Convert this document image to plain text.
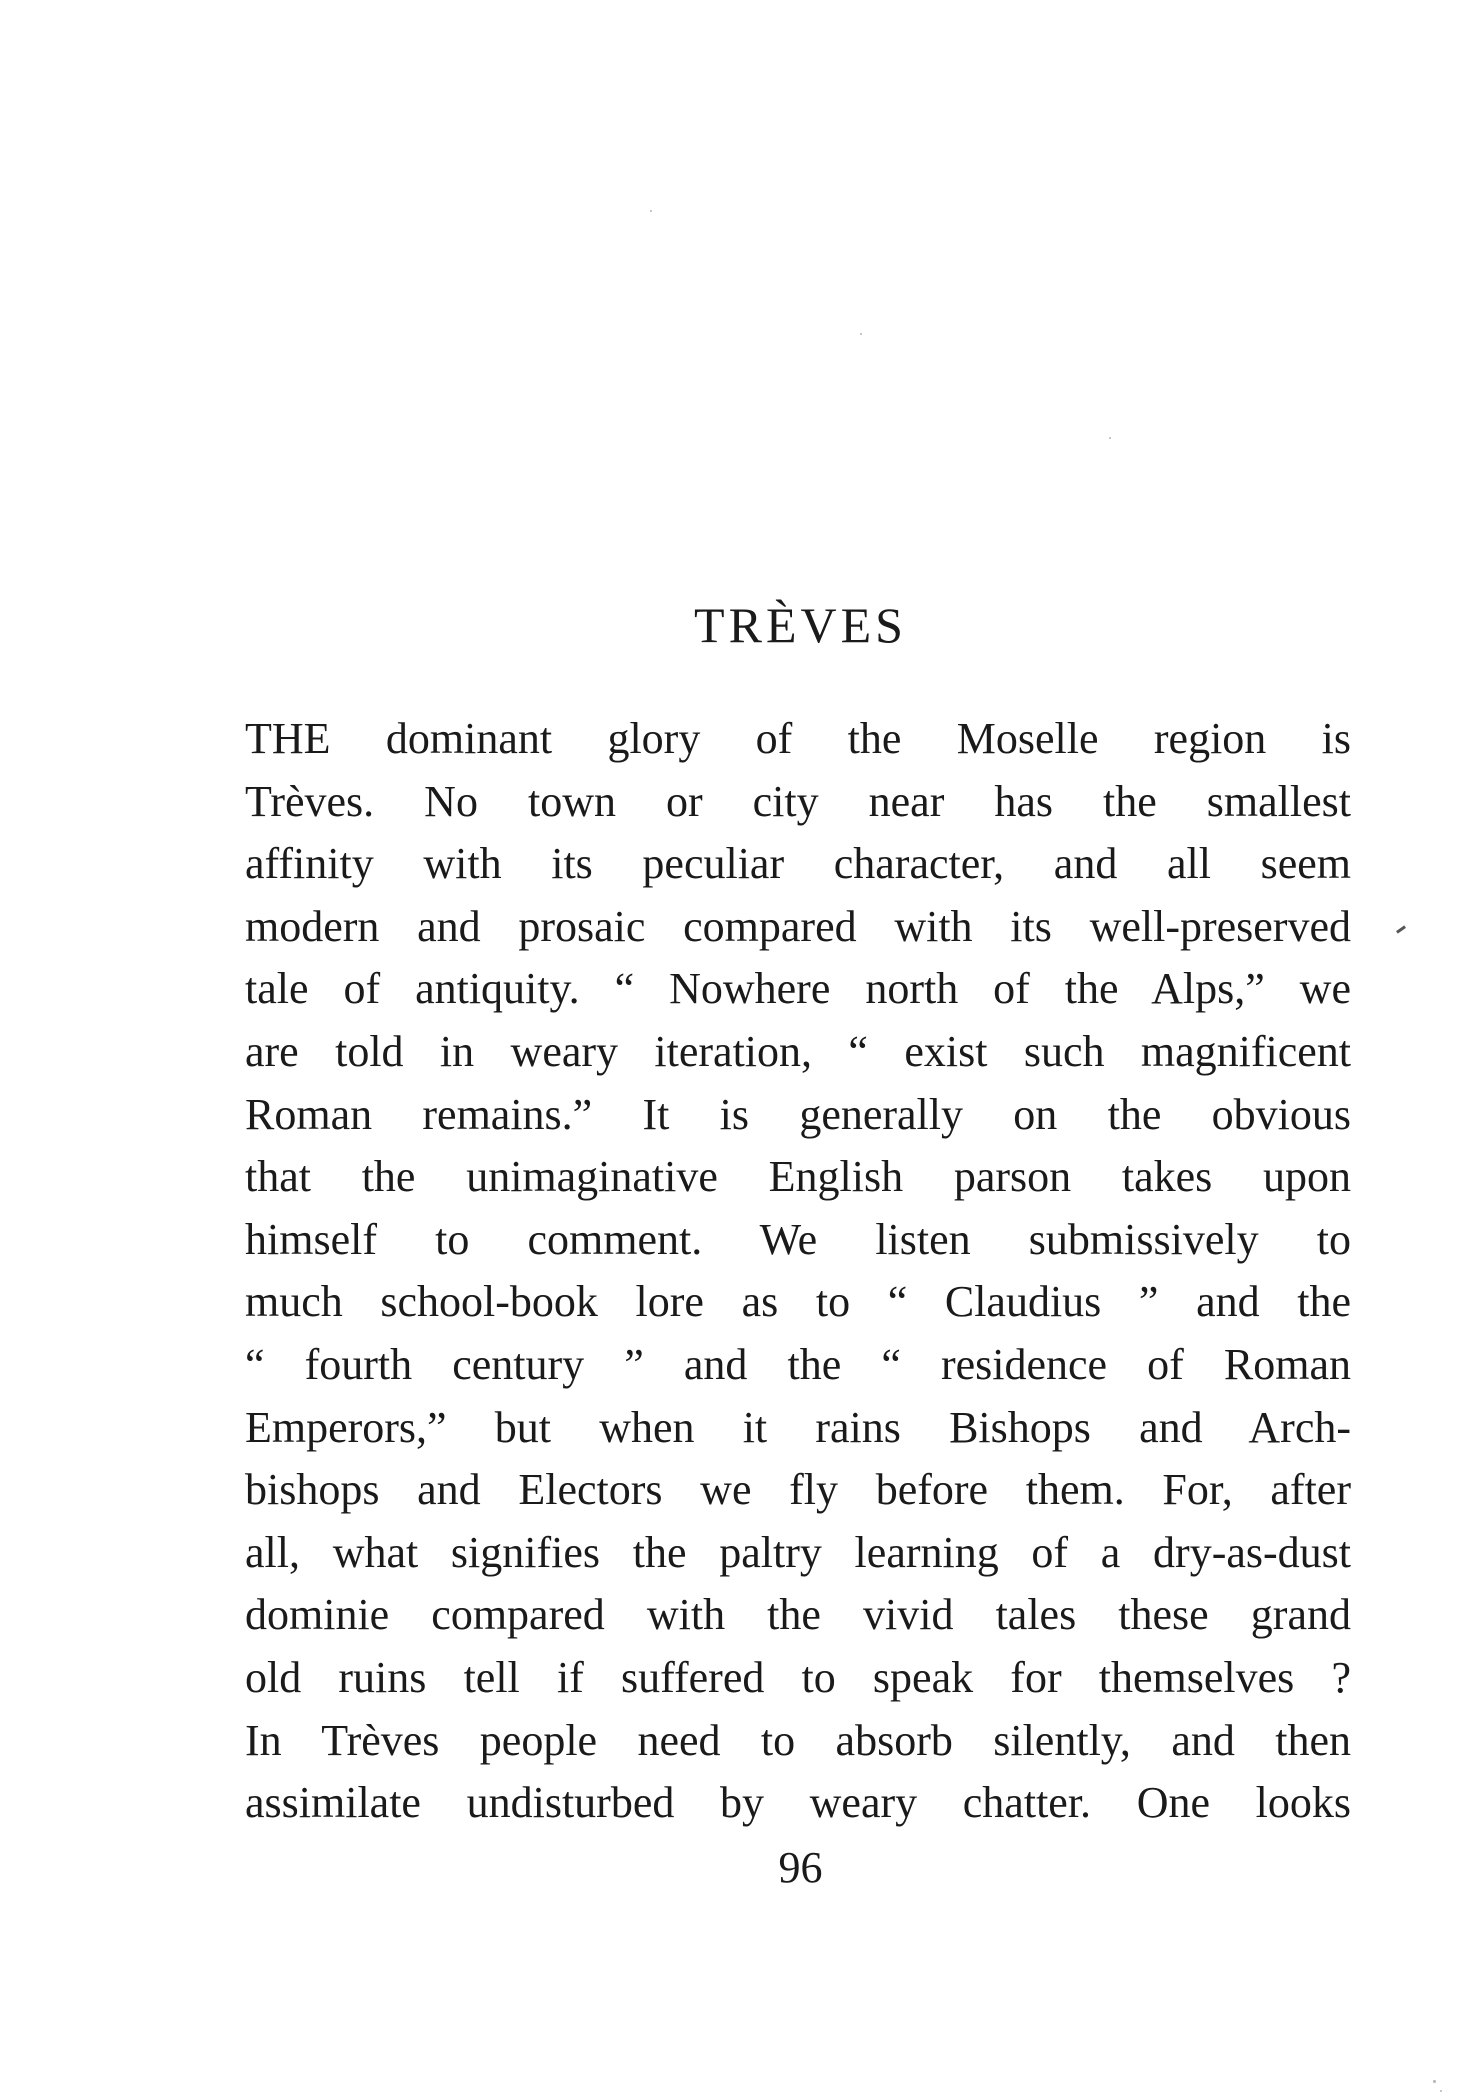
TRÈVES
THE dominant glory of the Moselle region is
Trèves. No town or city near has the smallest
affinity with its peculiar character, and all seem
modern and prosaic compared with its well-preserved
tale of antiquity. “ Nowhere north of the Alps,” we
are told in weary iteration, “ exist such magnificent
Roman remains.” It is generally on the obvious
that the unimaginative English parson takes upon
himself to comment. We listen submissively to
much school-book lore as to “ Claudius ” and the
“ fourth century ” and the “ residence of Roman
Emperors,” but when it rains Bishops and Arch-
bishops and Electors we fly before them. For, after
all, what signifies the paltry learning of a dry-as-dust
dominie compared with the vivid tales these grand
old ruins tell if suffered to speak for themselves ?
In Trèves people need to absorb silently, and then
assimilate undisturbed by weary chatter. One looks
96
